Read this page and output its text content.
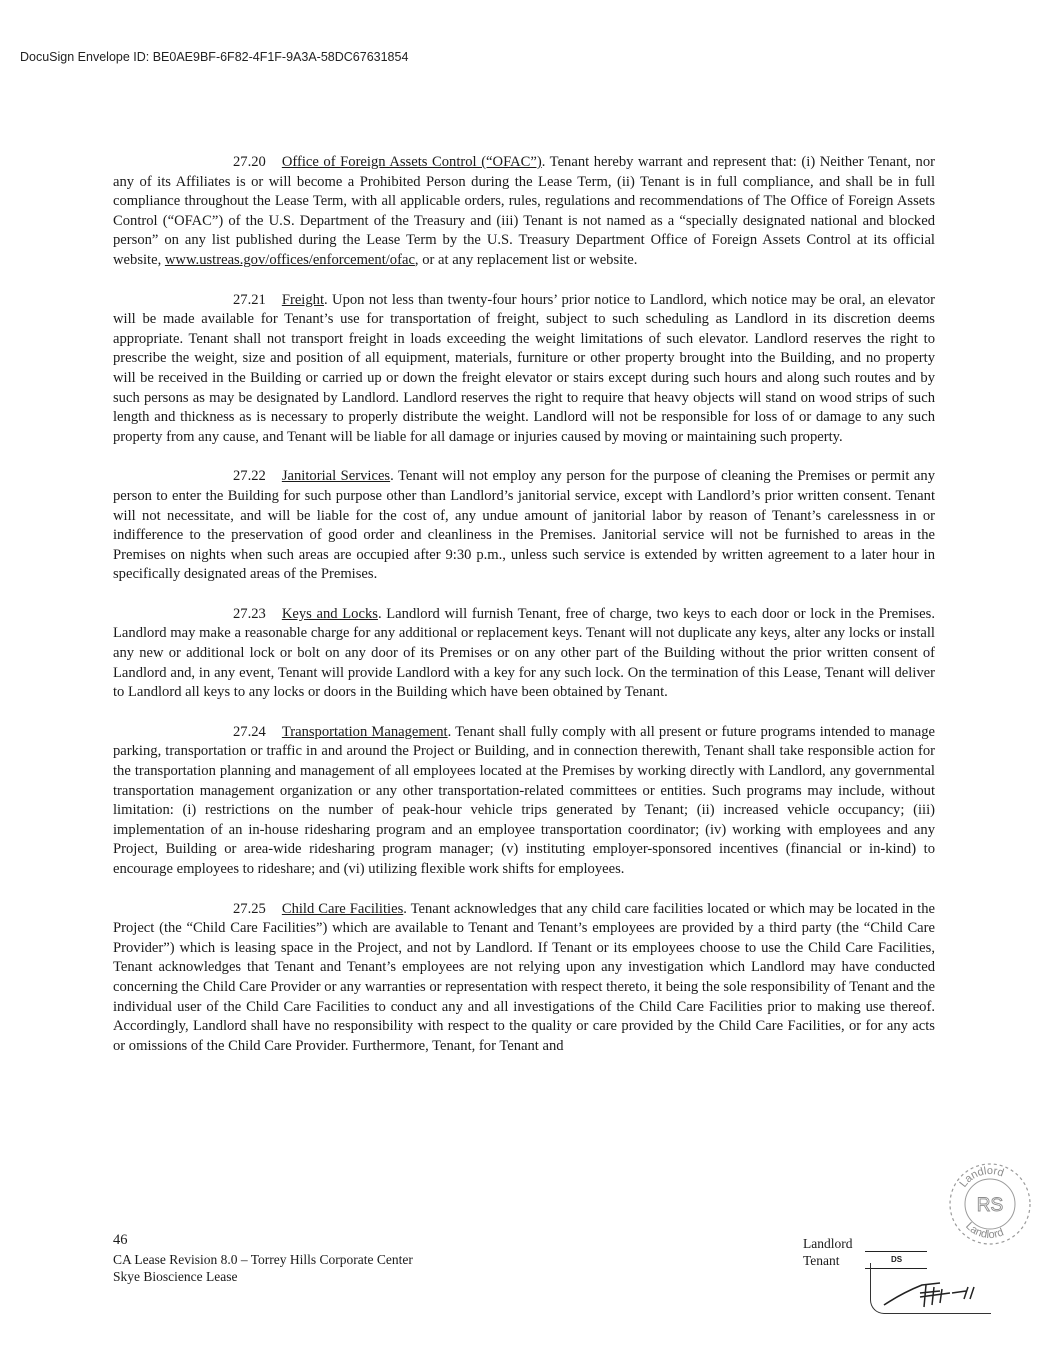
DocuSign Envelope ID: BE0AE9BF-6F82-4F1F-9A3A-58DC67631854

27.20 Office of Foreign Assets Control (“OFAC”). Tenant hereby warrant and represent that: (i) Neither Tenant, nor any of its Affiliates is or will become a Prohibited Person during the Lease Term, (ii) Tenant is in full compliance, and shall be in full compliance throughout the Lease Term, with all applicable orders, rules, regulations and recommendations of The Office of Foreign Assets Control (“OFAC”) of the U.S. Department of the Treasury and (iii) Tenant is not named as a “specially designated national and blocked person” on any list published during the Lease Term by the U.S. Treasury Department Office of Foreign Assets Control at its official website, www.ustreas.gov/offices/enforcement/ofac, or at any replacement list or website.

27.21 Freight. Upon not less than twenty-four hours’ prior notice to Landlord, which notice may be oral, an elevator will be made available for Tenant’s use for transportation of freight, subject to such scheduling as Landlord in its discretion deems appropriate. Tenant shall not transport freight in loads exceeding the weight limitations of such elevator. Landlord reserves the right to prescribe the weight, size and position of all equipment, materials, furniture or other property brought into the Building, and no property will be received in the Building or carried up or down the freight elevator or stairs except during such hours and along such routes and by such persons as may be designated by Landlord. Landlord reserves the right to require that heavy objects will stand on wood strips of such length and thickness as is necessary to properly distribute the weight. Landlord will not be responsible for loss of or damage to any such property from any cause, and Tenant will be liable for all damage or injuries caused by moving or maintaining such property.

27.22 Janitorial Services. Tenant will not employ any person for the purpose of cleaning the Premises or permit any person to enter the Building for such purpose other than Landlord’s janitorial service, except with Landlord’s prior written consent. Tenant will not necessitate, and will be liable for the cost of, any undue amount of janitorial labor by reason of Tenant’s carelessness in or indifference to the preservation of good order and cleanliness in the Premises. Janitorial service will not be furnished to areas in the Premises on nights when such areas are occupied after 9:30 p.m., unless such service is extended by written agreement to a later hour in specifically designated areas of the Premises.

27.23 Keys and Locks. Landlord will furnish Tenant, free of charge, two keys to each door or lock in the Premises. Landlord may make a reasonable charge for any additional or replacement keys. Tenant will not duplicate any keys, alter any locks or install any new or additional lock or bolt on any door of its Premises or on any other part of the Building without the prior written consent of Landlord and, in any event, Tenant will provide Landlord with a key for any such lock. On the termination of this Lease, Tenant will deliver to Landlord all keys to any locks or doors in the Building which have been obtained by Tenant.

27.24 Transportation Management. Tenant shall fully comply with all present or future programs intended to manage parking, transportation or traffic in and around the Project or Building, and in connection therewith, Tenant shall take responsible action for the transportation planning and management of all employees located at the Premises by working directly with Landlord, any governmental transportation management organization or any other transportation-related committees or entities. Such programs may include, without limitation: (i) restrictions on the number of peak-hour vehicle trips generated by Tenant; (ii) increased vehicle occupancy; (iii) implementation of an in-house ridesharing program and an employee transportation coordinator; (iv) working with employees and any Project, Building or area-wide ridesharing program manager; (v) instituting employer-sponsored incentives (financial or in-kind) to encourage employees to rideshare; and (vi) utilizing flexible work shifts for employees.

27.25 Child Care Facilities. Tenant acknowledges that any child care facilities located or which may be located in the Project (the “Child Care Facilities”) which are available to Tenant and Tenant’s employees are provided by a third party (the “Child Care Provider”) which is leasing space in the Project, and not by Landlord. If Tenant or its employees choose to use the Child Care Facilities, Tenant acknowledges that Tenant and Tenant’s employees are not relying upon any investigation which Landlord may have conducted concerning the Child Care Provider or any warranties or representation with respect thereto, it being the sole responsibility of Tenant and the individual user of the Child Care Facilities to conduct any and all investigations of the Child Care Facilities prior to making use thereof. Accordingly, Landlord shall have no responsibility with respect to the quality or care provided by the Child Care Facilities, or for any acts or omissions of the Child Care Provider. Furthermore, Tenant, for Tenant and

46
CA Lease Revision 8.0 – Torrey Hills Corporate Center
Skye Bioscience Lease
Landlord
Tenant	DS
Landlord
RS
Landlord
